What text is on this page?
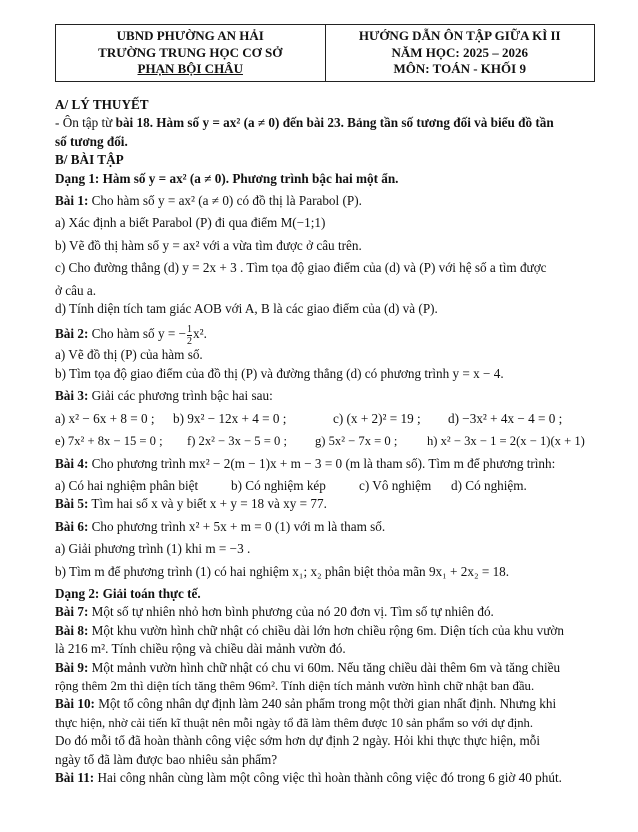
UBND PHƯỜNG AN HẢI
TRƯỜNG TRUNG HỌC CƠ SỞ
PHẠN BỘI CHÂU
HƯỚNG DẪN ÔN TẬP GIỮA KÌ II
NĂM HỌC: 2025 – 2026
MÔN: TOÁN - KHỐI 9
A/ LÝ THUYẾT
- Ôn tập từ bài 18. Hàm số y = ax² (a ≠ 0) đến bài 23. Bảng tần số tương đối và biểu đồ tần
số tương đối.
B/ BÀI TẬP
Dạng 1: Hàm số y = ax² (a ≠ 0). Phương trình bậc hai một ẩn.
Bài 1: Cho hàm số y = ax² (a ≠ 0) có đồ thị là Parabol (P).
a) Xác định a biết Parabol (P) đi qua điểm M(−1;1)
b) Vẽ đồ thị hàm số y = ax² với a vừa tìm được ở câu trên.
c) Cho đường thẳng (d) y = 2x + 3 . Tìm tọa độ giao điểm của (d) và (P) với hệ số a tìm được
ở câu a.
d) Tính diện tích tam giác AOB với A, B là các giao điểm của (d) và (P).
Bài 2: Cho hàm số y = − $\frac{1}{2} x^2$.
a) Vẽ đồ thị (P) của hàm số.
b) Tìm tọa độ giao điểm của đồ thị (P) và đường thẳng (d) có phương trình y = x − 4.
Bài 3: Giải các phương trình bậc hai sau:
a) x² − 6x + 8 = 0 ; b) 9x² − 12x + 4 = 0 ;	c) (x + 2)² = 19 ; d) −3x² + 4x − 4 = 0 ;
e) 7x² + 8x − 15 = 0 ; f) 2x² − 3x − 5 = 0 ; g) 5x² − 7x = 0 ; h) x² − 3x − 1 = 2(x − 1)(x + 1)
Bài 4: Cho phương trình mx² − 2(m − 1)x + m − 3 = 0 (m là tham số). Tìm m để phương trình:
a) Có hai nghiệm phân biệt b) Có nghiệm kép	c) Vô nghiệm d) Có nghiệm.
Bài 5: Tìm hai số x và y biết x + y = 18 và xy = 77.
Bài 6: Cho phương trình x² + 5x + m = 0 (1) với m là tham số.
a) Giải phương trình (1) khi m = −3 .
b) Tìm m để phương trình (1) có hai nghiệm x₁; x₂ phân biệt thỏa mãn 9x₁ + 2x₂ = 18.
Dạng 2: Giải toán thực tế.
Bài 7: Một số tự nhiên nhỏ hơn bình phương của nó 20 đơn vị. Tìm số tự nhiên đó.
Bài 8: Một khu vườn hình chữ nhật có chiều dài lớn hơn chiều rộng 6m. Diện tích của khu vườn
là 216 m². Tính chiều rộng và chiều dài mảnh vườn đó.
Bài 9: Một mảnh vườn hình chữ nhật có chu vi 60m. Nếu tăng chiều dài thêm 6m và tăng chiều
rộng thêm 2m thì diện tích tăng thêm 96m². Tính diện tích mảnh vườn hình chữ nhật ban đầu.
Bài 10: Một tổ công nhân dự định làm 240 sản phẩm trong một thời gian nhất định. Nhưng khi
thực hiện, nhờ cải tiến kĩ thuật nên mỗi ngày tổ đã làm thêm được 10 sản phẩm so với dự định.
Do đó mỗi tổ đã hoàn thành công việc sớm hơn dự định 2 ngày. Hỏi khi thực thực hiện, mỗi
ngày tổ đã làm được bao nhiêu sản phẩm?
Bài 11: Hai công nhân cùng làm một công việc thì hoàn thành công việc đó trong 6 giờ 40 phút.
